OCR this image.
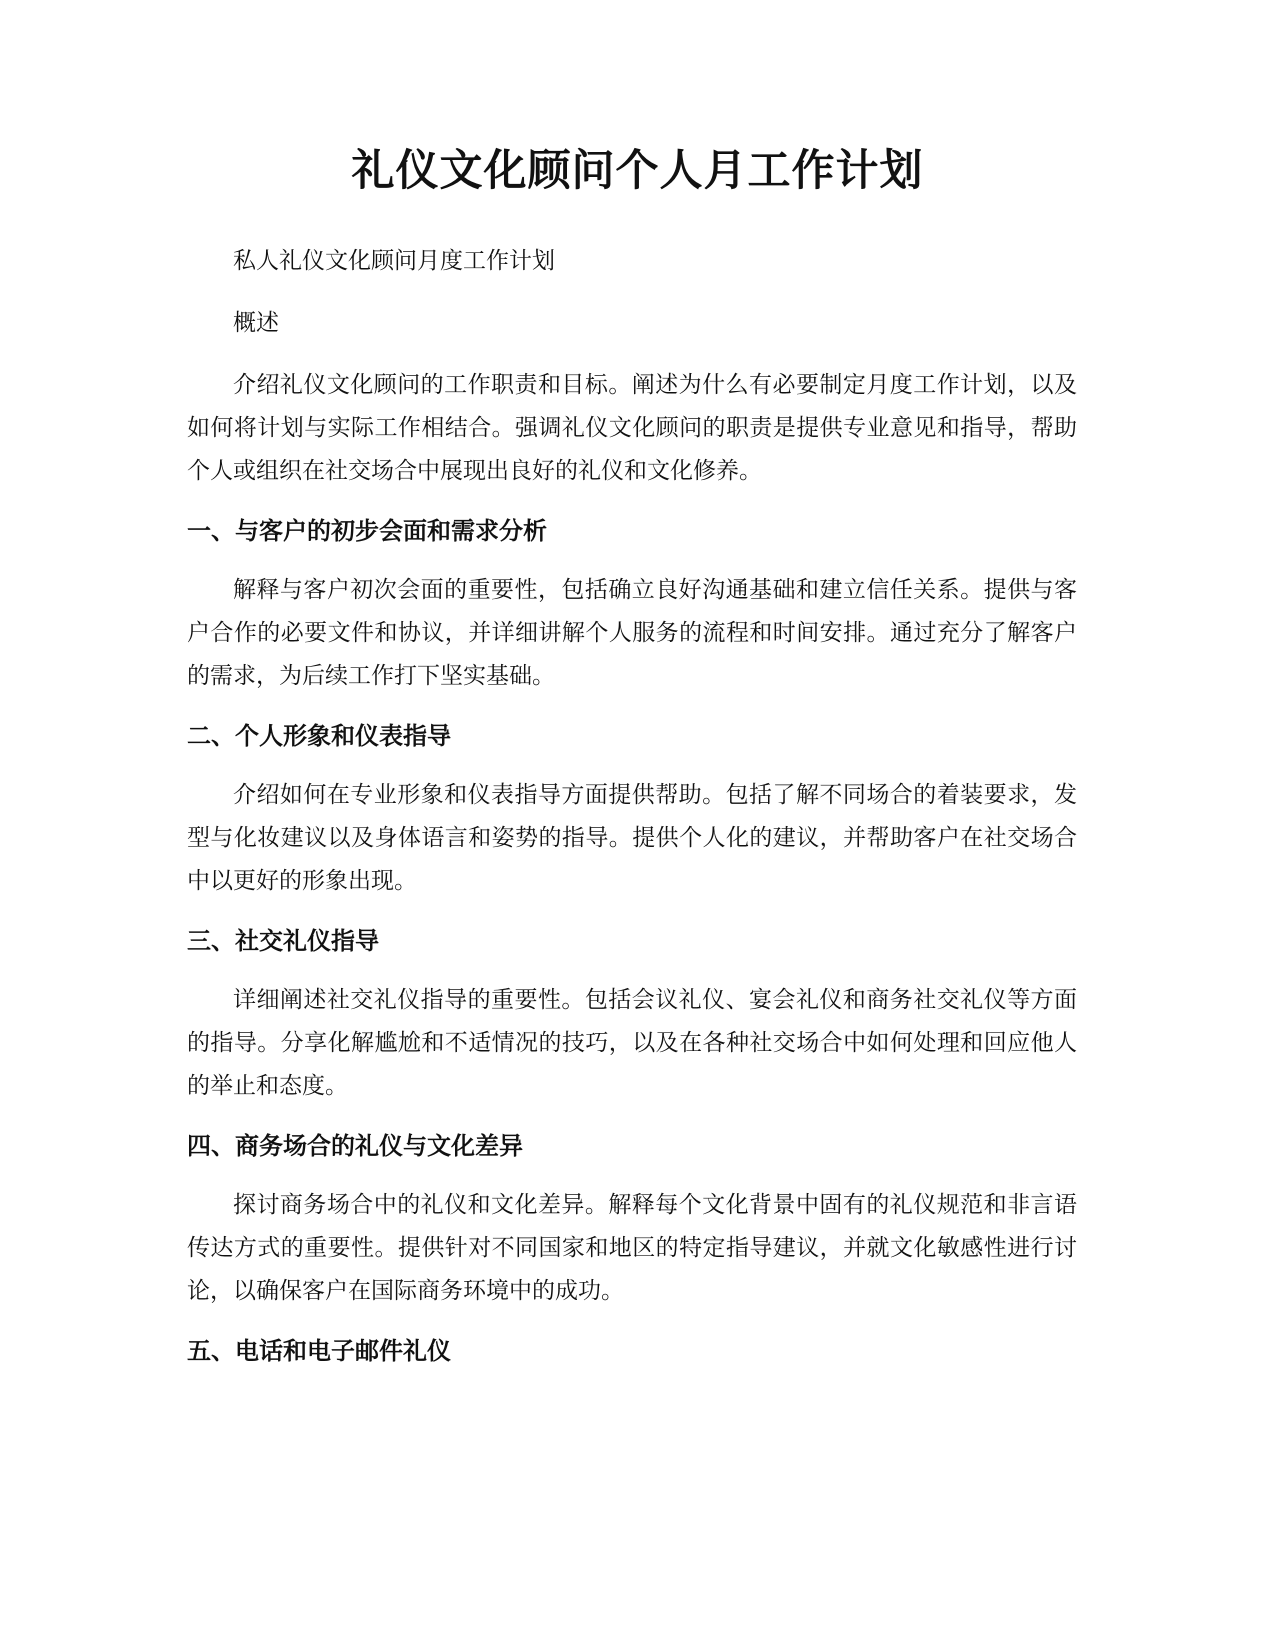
礼仪文化顾问个人月工作计划

私人礼仪文化顾问月度工作计划

概述

介绍礼仪文化顾问的工作职责和目标。阐述为什么有必要制定月度工作计划，以及如何将计划与实际工作相结合。强调礼仪文化顾问的职责是提供专业意见和指导，帮助个人或组织在社交场合中展现出良好的礼仪和文化修养。

一、与客户的初步会面和需求分析

解释与客户初次会面的重要性，包括确立良好沟通基础和建立信任关系。提供与客户合作的必要文件和协议，并详细讲解个人服务的流程和时间安排。通过充分了解客户的需求，为后续工作打下坚实基础。

二、个人形象和仪表指导

介绍如何在专业形象和仪表指导方面提供帮助。包括了解不同场合的着装要求，发型与化妆建议以及身体语言和姿势的指导。提供个人化的建议，并帮助客户在社交场合中以更好的形象出现。

三、社交礼仪指导

详细阐述社交礼仪指导的重要性。包括会议礼仪、宴会礼仪和商务社交礼仪等方面的指导。分享化解尴尬和不适情况的技巧，以及在各种社交场合中如何处理和回应他人的举止和态度。

四、商务场合的礼仪与文化差异

探讨商务场合中的礼仪和文化差异。解释每个文化背景中固有的礼仪规范和非言语传达方式的重要性。提供针对不同国家和地区的特定指导建议，并就文化敏感性进行讨论，以确保客户在国际商务环境中的成功。

五、电话和电子邮件礼仪
